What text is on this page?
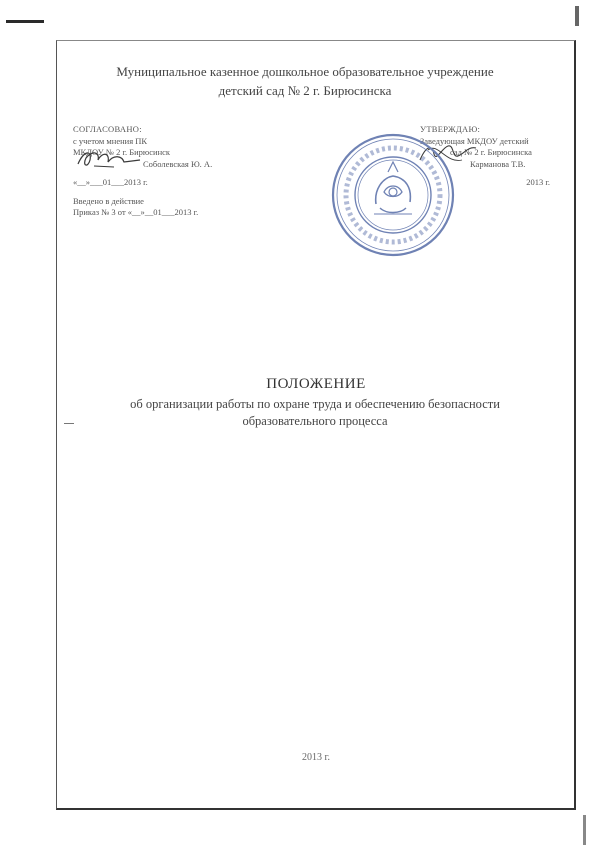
Муниципальное казенное дошкольное образовательное учреждение
детский сад № 2 г. Бирюсинска
СОГЛАСОВАНО:
с учетом мнения ПК
МКДОУ № 2 г. Бирюсинск
Соболевская Ю. А.
«__»___01___2013 г.
Введено в действие
Приказ № 3 от «__»__01___2013 г.
УТВЕРЖДАЮ:
Заведующая МКДОУ детский
сад № 2 г. Бирюсинска
Карманова Т.В.
2013 г.
ПОЛОЖЕНИЕ
об организации работы по охране труда и обеспечению безопасности
образовательного процесса
2013 г.
